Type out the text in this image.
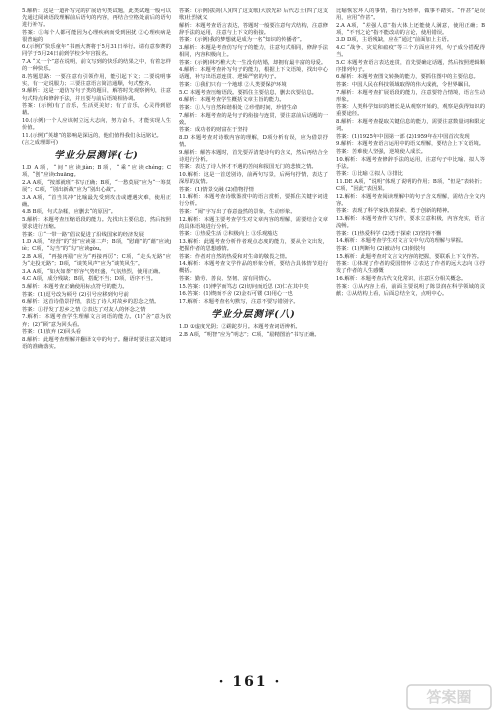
5.解析：这是一道补写完的扩展语句类试题，此类试题一般可以先通过阅读语段理解前后语句的内容，再结合空格处前后的语句进行补写。
答案：①每个人都可能因为心理疾病而受到困扰 ②心理疾病是很普遍的
6.(示例)“快乐童年”书画大赛将于5月31日举行。请有意参赛的同学于5月24日前到学校少年宫报名。
7.A “又一个”意在说明，前文写到的快乐的结果之中，有着怎样的一种快乐。
8.答题思路：一要注意有引领作用，能引起下文；二要说明事实，有一定说服力；三要注意语言简洁通顺，句式整齐。
9.解析：这是一道仿写句子类的题目，解答时先观察例句，注意句式特点和修辞手法，并且要与前后语境相协调。
答案：(示例)有了音乐，生活更美好；有了音乐，心灵得到慰藉。
10.(示例)一个人应该树立远大志向，努力奋斗，才能实现人生价值。
11.(示例)“英雄”的影响是深远的，他们值得我们永远铭记。
(言之成理即可)
学业分层测评(七)
1.D A项，“间”应读jiàn；B项，“乘”应读chéng；C项，“创”应读chuāng。
2.A A项，“按部就班”书写正确；B项，“一愁莫展”应为“一筹莫展”；C项，“别出新裁”应为“别出心裁”。
3.A A项，“首当其冲”比喻最先受到攻击或遭遇灾难，使用正确。
4.B B项，句式杂糅，应删去“的原因”。
5.解析：本题考查压缩语段的能力。先找出主要信息，然后按照要求进行压缩。
答案：①“一带一路”倡议促进了沿线国家的经济发展
1.D A项，“经营”的“营”应读第二声；B项，“慰藉”的“藉”应读jiè；C项，“勾当”的“勾”应读gòu。
2.B A项，“再接再励”应为“再接再厉”；C项，“走头无路”应为“走投无路”；D项，“谈笑风声”应为“谈笑风生”。
3.A A项，“如火如荼”形容气势旺盛，气氛热烈，使用正确。
4.C A项，成分残缺；B项，搭配不当；D项，语序不当。
5.解析：本题考查正确使用标点符号的能力。
答案：(1)逗号改为顿号 (2)引号应移到句号前
6.解析：这首诗借景抒情，表达了诗人对故乡的思念之情。
答案：①抒发了思乡之情 ②表达了对友人的怀念之情
7.解析：本题考查学生理解文言词语的能力。(1)“舍”意为放弃；(2)“顾”意为回头看。
答案：(1)放弃 (2)回头看
8.解析：此题考查理解并翻译文中的句子。翻译时要注意关键词语的准确落实。
答案：(示例)拔剑(人)(四了这支歌)大放光彩 后代志士(四了这支歌)壮烈就义
解析：本题考查语言表达，答题时一般要注意句式结构，注意修辞手法的运用，注意与上下文的衔接。
答案：(示例)我的梦想就是成为一名“知识的传播者”。
3.解析：本题是考查仿写句子的能力，注意句式相同，修辞手法相同，内容积极向上。
答案：(示例)林巧稚大夫一生没有结婚，却拥有最丰富的母爱。
4.解析：本题考查补写句子的能力，根据上下文语境，找出中心话题，补写出语意连贯、逻辑严密的句子。
答案：①我们只有一个地球 ②人类要保护环境
5.C 本题考查压缩语段。要抓住主要信息，删去次要信息。
6.解析：本题考查学生概括文章主旨的能力。
答案：①人与自然和谐相处 ②珍惜时间，珍惜生命
7.解析：本题考查的是句子的衔接与连贯，要注意前后话题的一致。
答案：成功者的财富在于坚持
8.D 本题考查对诗歌内容的理解，D项分析有误，应为借景抒情。
9.解析：解答本题时，首先要弄清楚诗句的含义，然后再结合全诗进行分析。
答案：表达了诗人怀才不遇的苦闷和报国无门的悲愤之情。
10.解析：这是一首送别诗，前两句写景，后两句抒情，表达了深厚的友情。
答案：(1)情景交融 (2)借物抒情
11.解析：本题考查诗歌鉴赏中的语言赏析，要抓住关键字词进行分析。
答案：“闹”字写出了春意盎然的景象，生动形象。
12.解析：本题主要考查学生对文章内容的理解，需要结合文章的具体语境进行分析。
答案：①热爱生活 ②积极向上 ③乐观豁达
13.解析：此题考查分析作者观点态度的能力，要从全文出发，把握作者的思想感情。
答案：作者对自然的热爱和对生命的敬畏之情。
14.解析：本题考查文学作品的形象分析，要结合具体情节进行概括。
答案：勤劳、善良、坚韧、富有同情心。
15.答案：(1)博学而笃志 (2)切问而近思 (3)仁在其中矣
16.答案：(1)锲而不舍 (2)金石可镂 (3)用心一也
17.解析：本题考查名句默写，注意不要写错别字。
学业分层测评(八)
1.D ①虚度光阴；②蹉跎岁月。本题考查词语辨析。
2.B A项，“明智”应为“明志”；C项，“励精图治”书写正确。
比喻恢宏坏人的事情，指行为轻率，做事不踏实。“作甚”是误用，应用“作甚”。
2.A A项，“差强人意”指大体上还能使人满意，使用正确；B项，“不刊之论”指不能改动的言论，使用错误。
3.D D项，主语残缺，应在“通过”前面加上主语。
4.C “战争、灾荒和瘟疫”等三个方面应并列，句子成分搭配得当。
5.C 本题考查语言表达连贯，首先要确定话题，然后按照逻辑顺序排列句子。
6.解析：本题考查图文转换的能力，要抓住图中的主要信息。
答案：中国人民在科技领域取得的伟大成就，令世界瞩目。
7.解析：本题考查扩展语段的能力，注意要符合情境，语言生动形象。
答案：人类科学知识的增长是从观察开始的，观察是获得知识的重要途径。
8.解析：本题考查提取关键信息的能力，需要注意数量词和限定词。
答案：(1)1925年中国第一部 (2)1959年在中国首次发现
9.解析：本题考查语言运用中的语义理解，要结合上下文语境。
答案：苦难使人坚强，逆境使人成长。
10.解析：本题考查修辞手法的运用，注意句子中比喻、拟人等手法。
答案：①比喻 ②拟人 ③排比
11.DE A项，“说明”体现了说明的作用；B项，“但是”表转折；C项，“因此”表因果。
12.解析：本题考查阅读理解中的句子含义理解，需结合全文内容。
答案：表现了科学家执着探索、勇于创新的精神。
13.解析：本题考查作文写作，要求立意积极，内容充实，语言流畅。
答案：(1)热爱科学 (2)勇于探索 (3)坚持不懈
14.解析：本题考查学生对文言文中句式的理解与掌握。
答案：(1)判断句 (2)被动句 (3)倒装句
15.解析：此题考查对文言文内容的把握，要联系上下文作答。
答案：①体现了作者的爱国情怀 ②表达了作者的远大志向 ③抒发了作者的人生感慨
16.解析：本题考查古代文化常识，注意区分相关概念。
答案：①从内容上看，前面主要说明了陈景润在科学领域的贡献；②从结构上看，后面总结全文，点明中心。
· 161 ·
答案圈
